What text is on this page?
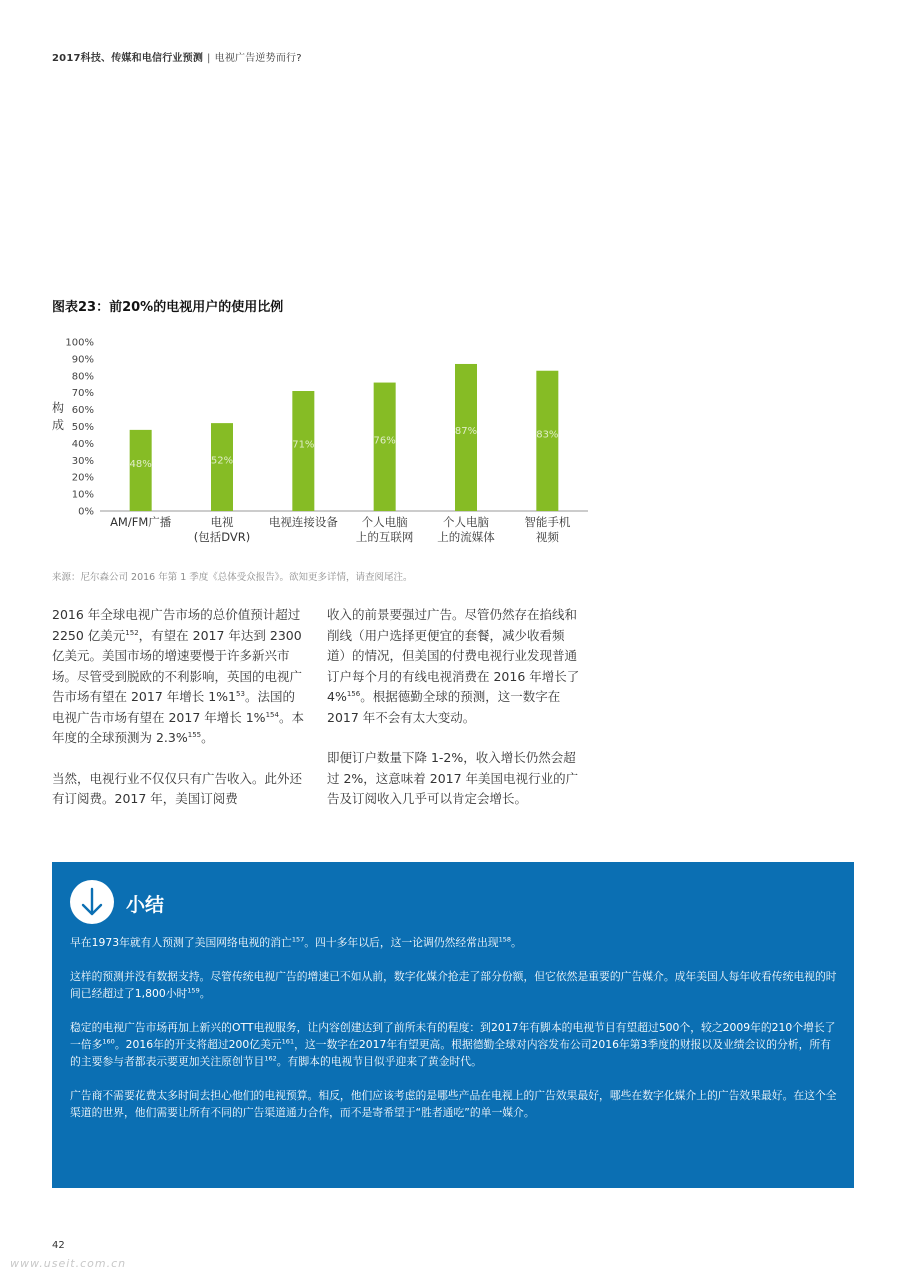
2017科技、传媒和电信行业预测 | 电视广告逆势而行?
图表23：前20%的电视用户的使用比例
0%
10%
20%
30%
40%
50%
60%
70%
80%
90%
100%
构
成
48%	52%
71%	76%
87%	83%
AM/FM广播	电视
(包括DVR)
电视连接设备 个人电脑
上的互联网
个人电脑
上的流媒体
智能手机
视频
来源：尼尔森公司 2016 年第 1 季度《总体受众报告》。欲知更多详情，请查阅尾注。

2016 年全球电视广告市场的总价值预计超过 2250 亿美元$^{152}$，有望在 2017 年达到 2300 亿美元。美国市场的增速要慢于许多新兴市场。尽管受到脱欧的不利影响，英国的电视广告市场有望在 2017 年增长 $1\%1^{53}$。法国的电视广告市场有望在 2017 年增长 1%$^{154}$。本年度的全球预测为 2.3%$^{155}$。

当然，电视行业不仅仅只有广告收入。此外还有订阅费。2017 年，美国订阅费

收入的前景要强过广告。尽管仍然存在掐线和削线（用户选择更便宜的套餐，减少收看频道）的情况，但美国的付费电视行业发现普通订户每个月的有线电视消费在 2016 年增长了 4%$^{156}$。根据德勤全球的预测，这一数字在 2017 年不会有太大变动。

即便订户数量下降 1-2%，收入增长仍然会超过 2%，这意味着 2017 年美国电视行业的广告及订阅收入几乎可以肯定会增长。

小结

早在1973年就有人预测了美国网络电视的消亡$^{157}$。四十多年以后，这一论调仍然经常出现$^{158}$。

这样的预测并没有数据支持。尽管传统电视广告的增速已不如从前，数字化媒介抢走了部分份额，但它依然是重要的广告媒介。成年美国人每年收看传统电视的时间已经超过了1,800小时$^{159}$。

稳定的电视广告市场再加上新兴的OTT电视服务，让内容创建达到了前所未有的程度：到2017年有脚本的电视节目有望超过500个，较之2009年的210个增长了一倍多$^{160}$。2016年的开支将超过200亿美元$^{161}$，这一数字在2017年有望更高。根据德勤全球对内容发布公司2016年第3季度的财报以及业绩会议的分析，所有的主要参与者都表示要更加关注原创节目$^{162}$。有脚本的电视节目似乎迎来了黄金时代。

广告商不需要花费太多时间去担心他们的电视预算。相反，他们应该考虑的是哪些产品在电视上的广告效果最好，哪些在数字化媒介上的广告效果最好。在这个全渠道的世界，他们需要让所有不同的广告渠道通力合作，而不是寄希望于“胜者通吃”的单一媒介。

42
www.useit.com.cn
